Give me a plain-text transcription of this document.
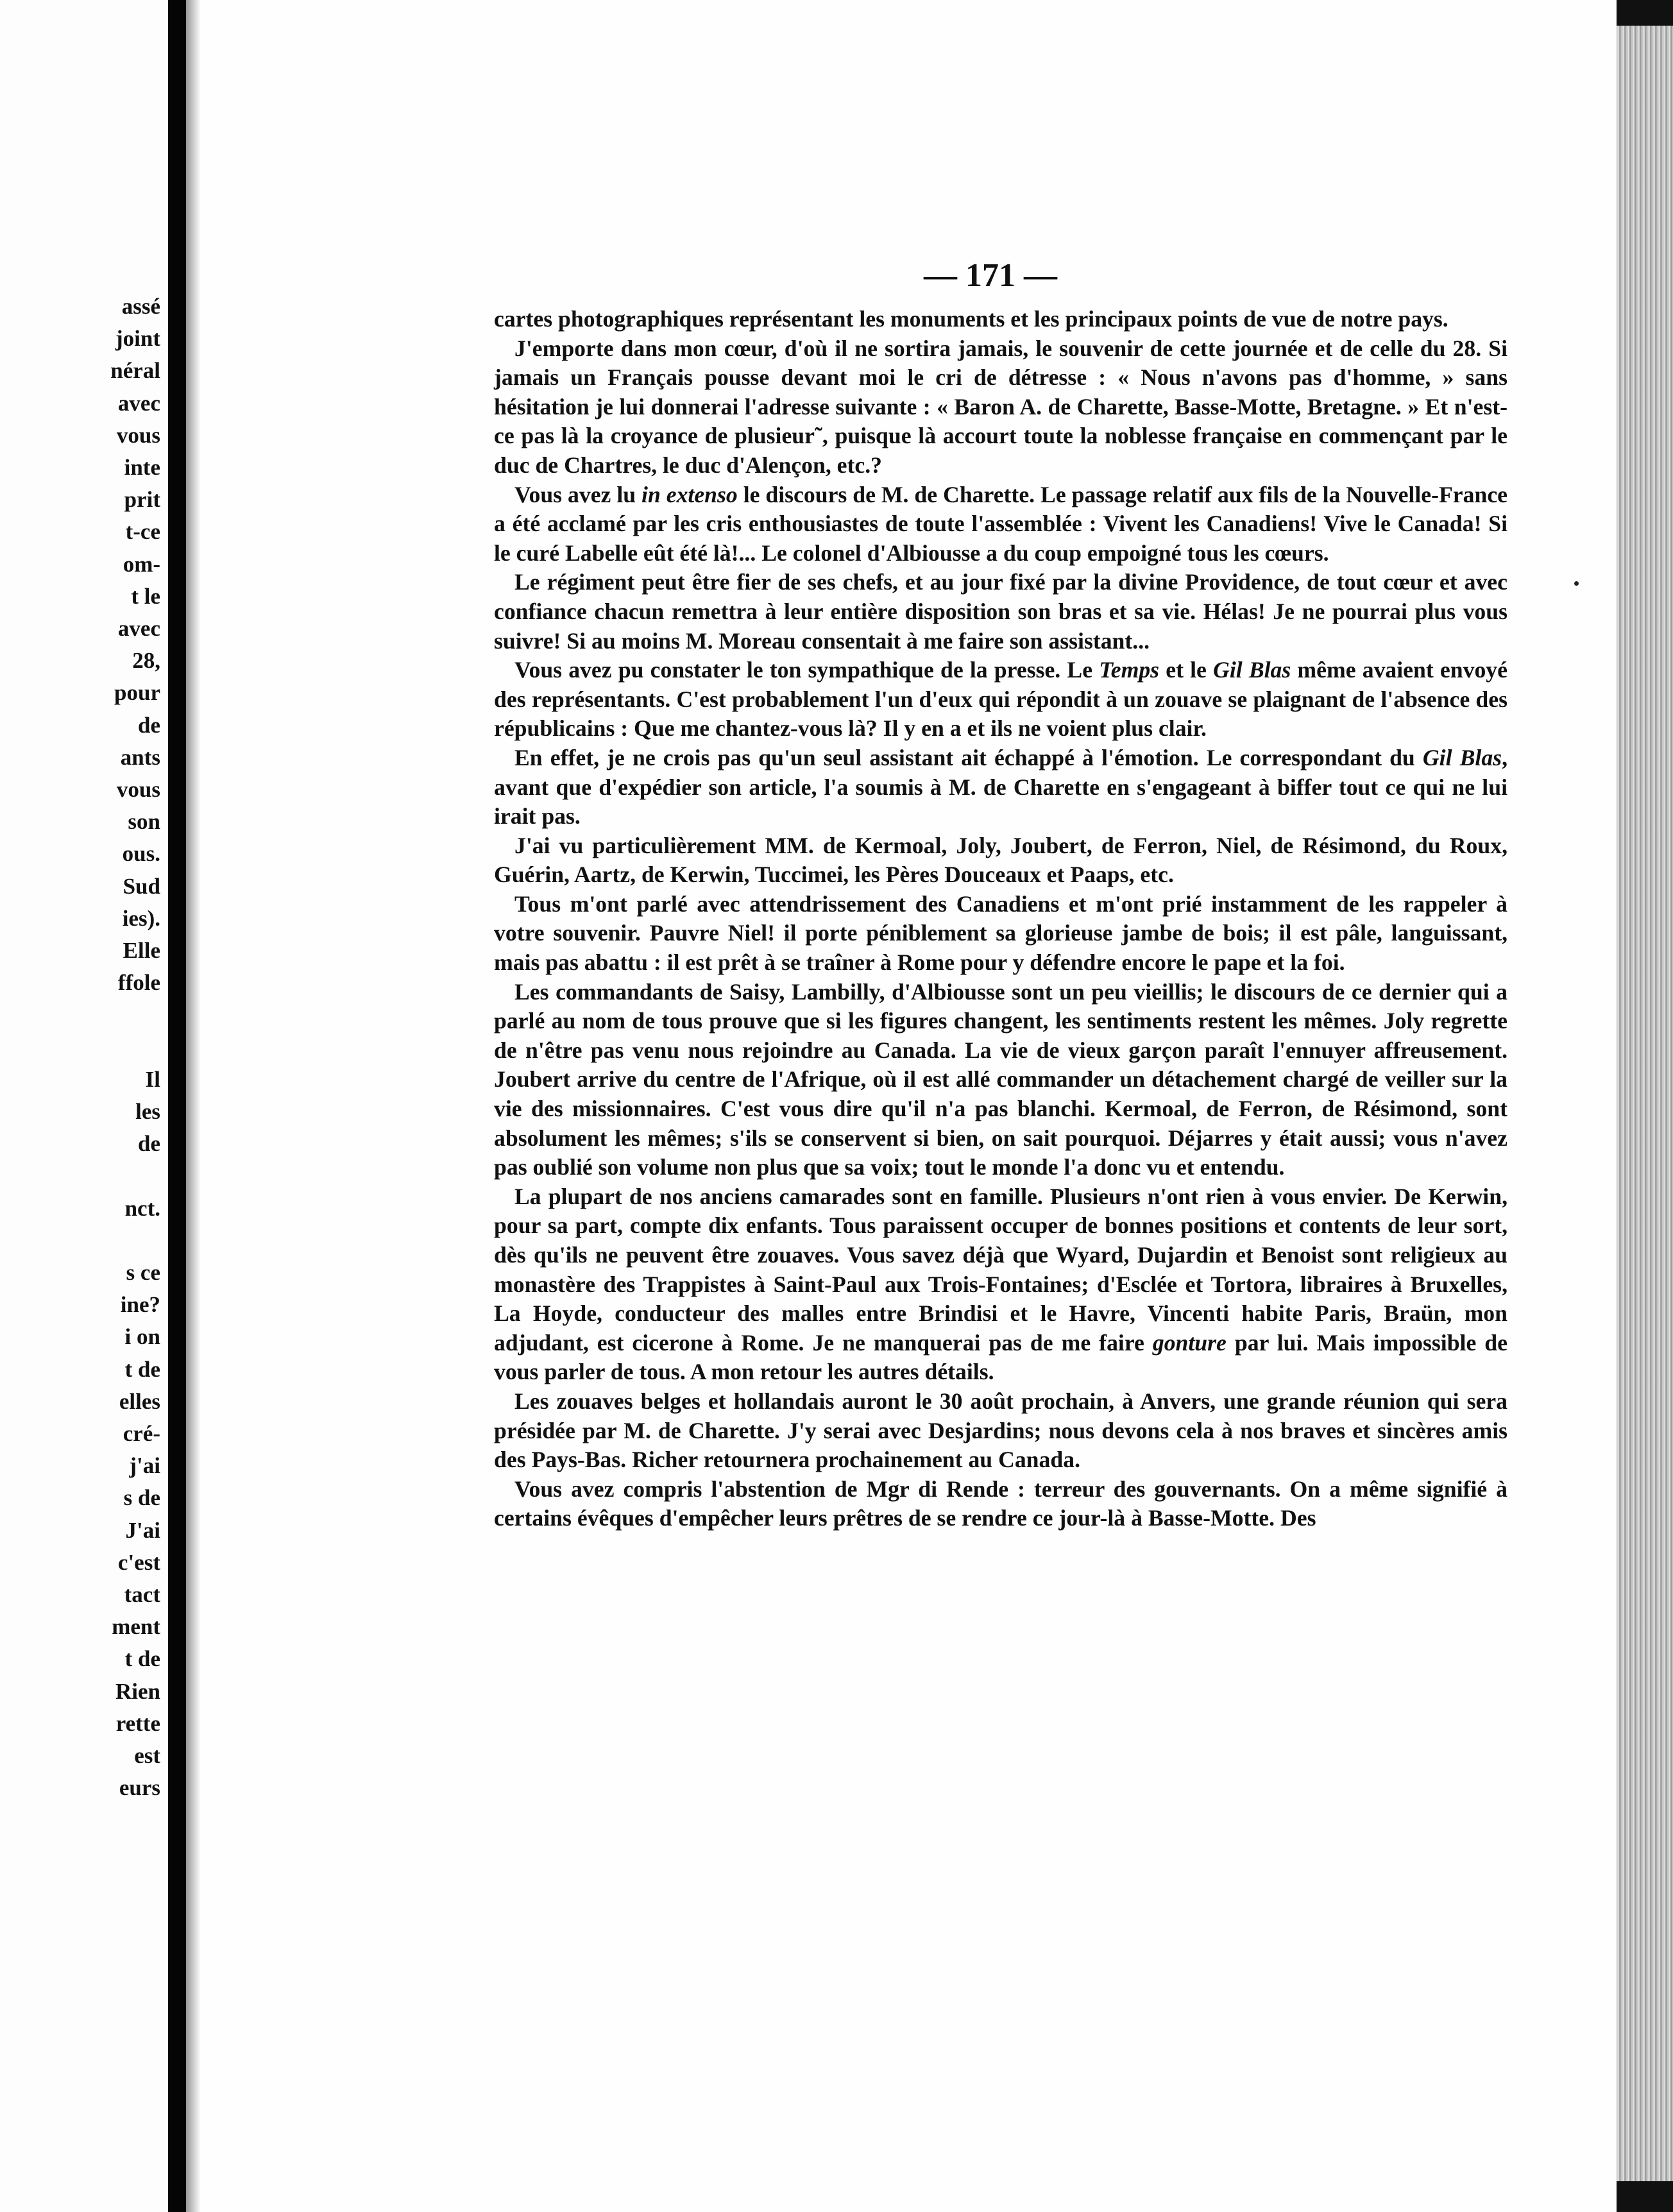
assé
joint
néral
avec
vous
inte
prit
t-ce
om-
t le
avec
28,
pour
de
ants
vous
son
ous.
Sud
ies).
Elle
ffole
Il
les
de
nct.
s ce
ine?
i on
t de
elles
cré-
j'ai
s de
J'ai
c'est
tact
ment
t de
Rien
rette
est
eurs
— 171 —

cartes photographiques représentant les monuments et les principaux points de vue de notre pays.

J'emporte dans mon cœur, d'où il ne sortira jamais, le souvenir de cette journée et de celle du 28. Si jamais un Français pousse devant moi le cri de détresse : « Nous n'avons pas d'homme, » sans hésitation je lui donnerai l'adresse suivante : « Baron A. de Charette, Basse-Motte, Bretagne. » Et n'est-ce pas là la croyance de plusieur˜, puisque là accourt toute la noblesse française en commençant par le duc de Chartres, le duc d'Alençon, etc.?

Vous avez lu in extenso le discours de M. de Charette. Le passage relatif aux fils de la Nouvelle-France a été acclamé par les cris enthousiastes de toute l'assemblée : Vivent les Canadiens! Vive le Canada! Si le curé Labelle eût été là!... Le colonel d'Albiousse a du coup empoigné tous les cœurs.

Le régiment peut être fier de ses chefs, et au jour fixé par la divine Providence, de tout cœur et avec confiance chacun remettra à leur entière disposition son bras et sa vie. Hélas! Je ne pourrai plus vous suivre! Si au moins M. Moreau consentait à me faire son assistant...

Vous avez pu constater le ton sympathique de la presse. Le Temps et le Gil Blas même avaient envoyé des représentants. C'est probablement l'un d'eux qui répondit à un zouave se plaignant de l'absence des républicains : Que me chantez-vous là? Il y en a et ils ne voient plus clair.

En effet, je ne crois pas qu'un seul assistant ait échappé à l'émotion. Le correspondant du Gil Blas, avant que d'expédier son article, l'a soumis à M. de Charette en s'engageant à biffer tout ce qui ne lui irait pas.

J'ai vu particulièrement MM. de Kermoal, Joly, Joubert, de Ferron, Niel, de Résimond, du Roux, Guérin, Aartz, de Kerwin, Tuccimei, les Pères Douceaux et Paaps, etc.

Tous m'ont parlé avec attendrissement des Canadiens et m'ont prié instamment de les rappeler à votre souvenir. Pauvre Niel! il porte péniblement sa glorieuse jambe de bois; il est pâle, languissant, mais pas abattu : il est prêt à se traîner à Rome pour y défendre encore le pape et la foi.

Les commandants de Saisy, Lambilly, d'Albiousse sont un peu vieillis; le discours de ce dernier qui a parlé au nom de tous prouve que si les figures changent, les sentiments restent les mêmes. Joly regrette de n'être pas venu nous rejoindre au Canada. La vie de vieux garçon paraît l'ennuyer affreusement. Joubert arrive du centre de l'Afrique, où il est allé commander un détachement chargé de veiller sur la vie des missionnaires. C'est vous dire qu'il n'a pas blanchi. Kermoal, de Ferron, de Résimond, sont absolument les mêmes; s'ils se conservent si bien, on sait pourquoi. Déjarres y était aussi; vous n'avez pas oublié son volume non plus que sa voix; tout le monde l'a donc vu et entendu.

La plupart de nos anciens camarades sont en famille. Plusieurs n'ont rien à vous envier. De Kerwin, pour sa part, compte dix enfants. Tous paraissent occuper de bonnes positions et contents de leur sort, dès qu'ils ne peuvent être zouaves. Vous savez déjà que Wyard, Dujardin et Benoist sont religieux au monastère des Trappistes à Saint-Paul aux Trois-Fontaines; d'Esclée et Tortora, libraires à Bruxelles, La Hoyde, conducteur des malles entre Brindisi et le Havre, Vincenti habite Paris, Braün, mon adjudant, est cicerone à Rome. Je ne manquerai pas de me faire gonture par lui. Mais impossible de vous parler de tous. A mon retour les autres détails.

Les zouaves belges et hollandais auront le 30 août prochain, à Anvers, une grande réunion qui sera présidée par M. de Charette. J'y serai avec Desjardins; nous devons cela à nos braves et sincères amis des Pays-Bas. Richer retournera prochainement au Canada.

Vous avez compris l'abstention de Mgr di Rende : terreur des gouvernants. On a même signifié à certains évêques d'empêcher leurs prêtres de se rendre ce jour-là à Basse-Motte. Des
